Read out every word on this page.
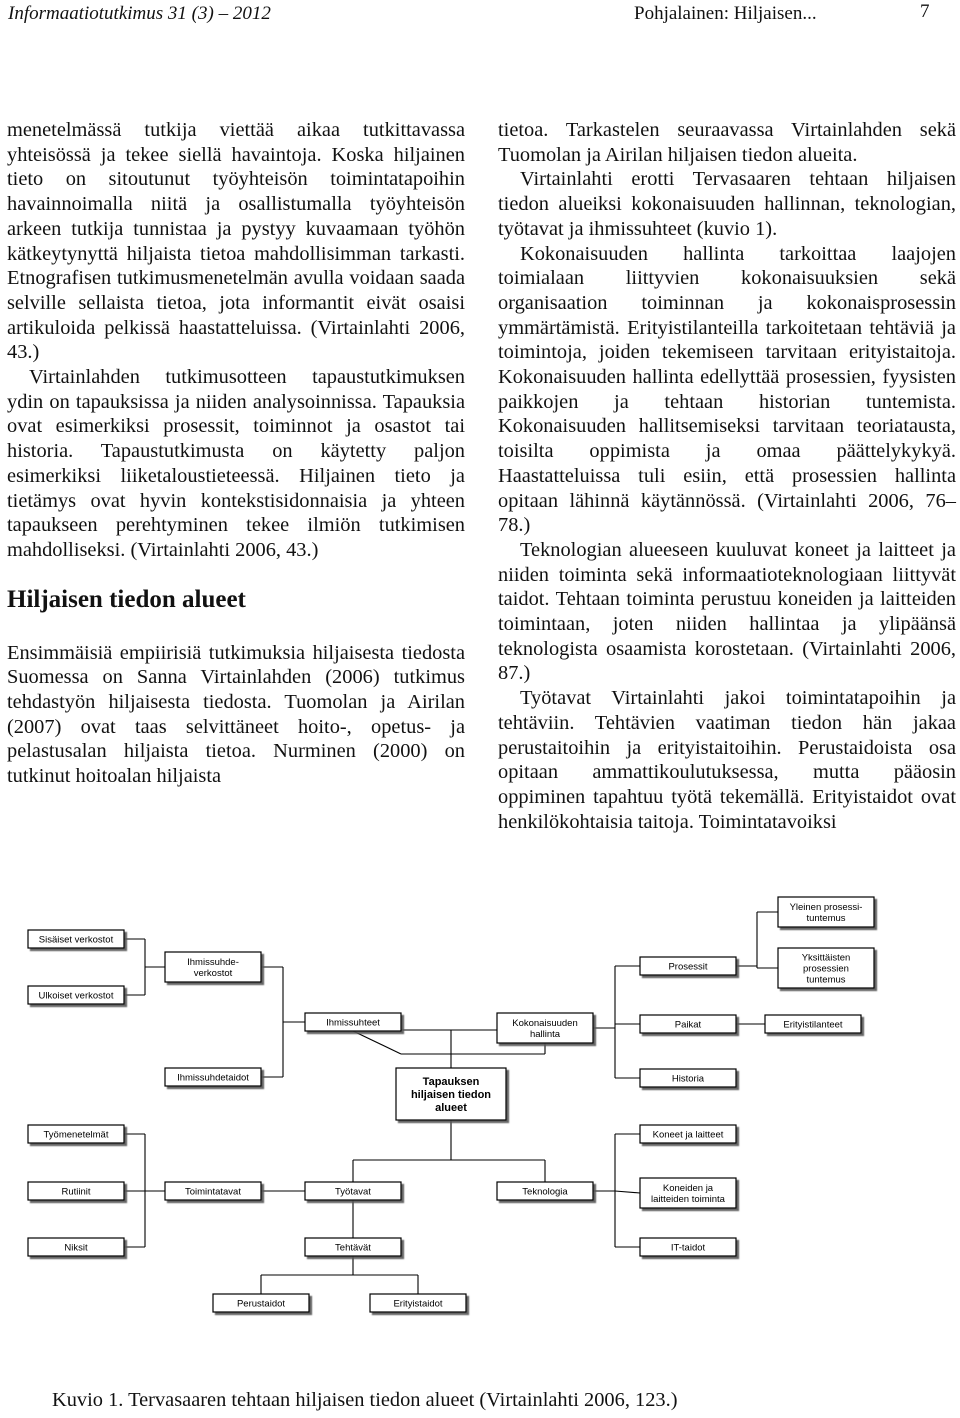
Informaatiotutkimus 31 (3) – 2012	Pohjalainen: Hiljaisen...	7

menetelmässä tutkija viettää aikaa tutkittavassa yhteisössä ja tekee siellä havaintoja. Koska hiljainen tieto on sitoutunut työyhteisön toimintatapoihin havainnoimalla niitä ja osallistumalla työyhteisön arkeen tutkija tunnistaa ja pystyy kuvaamaan työhön kätkeytynyttä hiljaista tietoa mahdollisimman tarkasti. Etnografisen tutkimusmenetelmän avulla voidaan saada selville sellaista tietoa, jota informantit eivät osaisi artikuloida pelkissä haastatteluissa. (Virtainlahti 2006, 43.)

Virtainlahden tutkimusotteen tapaustutkimuksen ydin on tapauksissa ja niiden analysoinnissa. Tapauksia ovat esimerkiksi prosessit, toiminnot ja osastot tai historia. Tapaustutkimusta on käytetty paljon esimerkiksi liiketaloustieteessä. Hiljainen tieto ja tietämys ovat hyvin kontekstisidonnaisia ja yhteen tapaukseen perehtyminen tekee ilmiön tutkimisen mahdolliseksi. (Virtainlahti 2006, 43.)

Hiljaisen tiedon alueet

Ensimmäisiä empiirisiä tutkimuksia hiljaisesta tiedosta Suomessa on Sanna Virtainlahden (2006) tutkimus tehdastyön hiljaisesta tiedosta. Tuomolan ja Airilan (2007) ovat taas selvittäneet hoito-, opetus- ja pelastusalan hiljaista tietoa. Nurminen (2000) on tutkinut hoitoalan hiljaista

tietoa. Tarkastelen seuraavassa Virtainlahden sekä Tuomolan ja Airilan hiljaisen tiedon alueita.

Virtainlahti erotti Tervasaaren tehtaan hiljaisen tiedon alueiksi kokonaisuuden hallinnan, teknologian, työtavat ja ihmissuhteet (kuvio 1).

Kokonaisuuden hallinta tarkoittaa laajojen toimialaan liittyvien kokonaisuuksien sekä organisaation toiminnan ja kokonaisprosessin ymmärtämistä. Erityistilanteilla tarkoitetaan tehtäviä ja toimintoja, joiden tekemiseen tarvitaan erityistaitoja. Kokonaisuuden hallinta edellyttää prosessien, fyysisten paikkojen ja tehtaan historian tuntemista. Kokonaisuuden hallitsemiseksi tarvitaan teoriatausta, toisilta oppimista ja omaa päättelykykyä. Haastatteluissa tuli esiin, että prosessien hallinta opitaan lähinnä käytännössä. (Virtainlahti 2006, 76–78.)

Teknologian alueeseen kuuluvat koneet ja laitteet ja niiden toiminta sekä informaatioteknologiaan liittyvät taidot. Tehtaan toiminta perustuu koneiden ja laitteiden toimintaan, joten niiden hallintaa ja ylipäänsä teknologista osaamista korostetaan. (Virtainlahti 2006, 87.)

Työtavat Virtainlahti jakoi toimintatapoihin ja tehtäviin. Tehtävien vaatiman tiedon hän jakaa perustaitoihin ja erityistaitoihin. Perustaidoista osa opitaan ammattikoulutuksessa, mutta pääosin oppiminen tapahtuu työtä tekemällä. Erityistaidot ovat henkilökohtaisia taitoja. Toimintatavoiksi

Tapauksen
hiljaisen tiedon
alueet
Sisäiset verkostot
Ihmissuhde-
verkostot
Ulkoiset verkostot
Ihmissuhteet	Kokonaisuuden
hallinta
Yleinen prosessi-
tuntemus
Prosessit
Yksittäisten
prosessien
tuntemus
Paikat	Erityistilanteet
Ihmissuhdetaidot	Historia
Työmenetelmät	Koneet ja laitteet
Rutiinit	Toimintatavat	Työtavat	Teknologia	Koneiden ja
laitteiden toiminta
Niksit	Tehtävät	IT-taidot
Perustaidot	Erityistaidot
Kuvio 1. Tervasaaren tehtaan hiljaisen tiedon alueet (Virtainlahti 2006, 123.)
